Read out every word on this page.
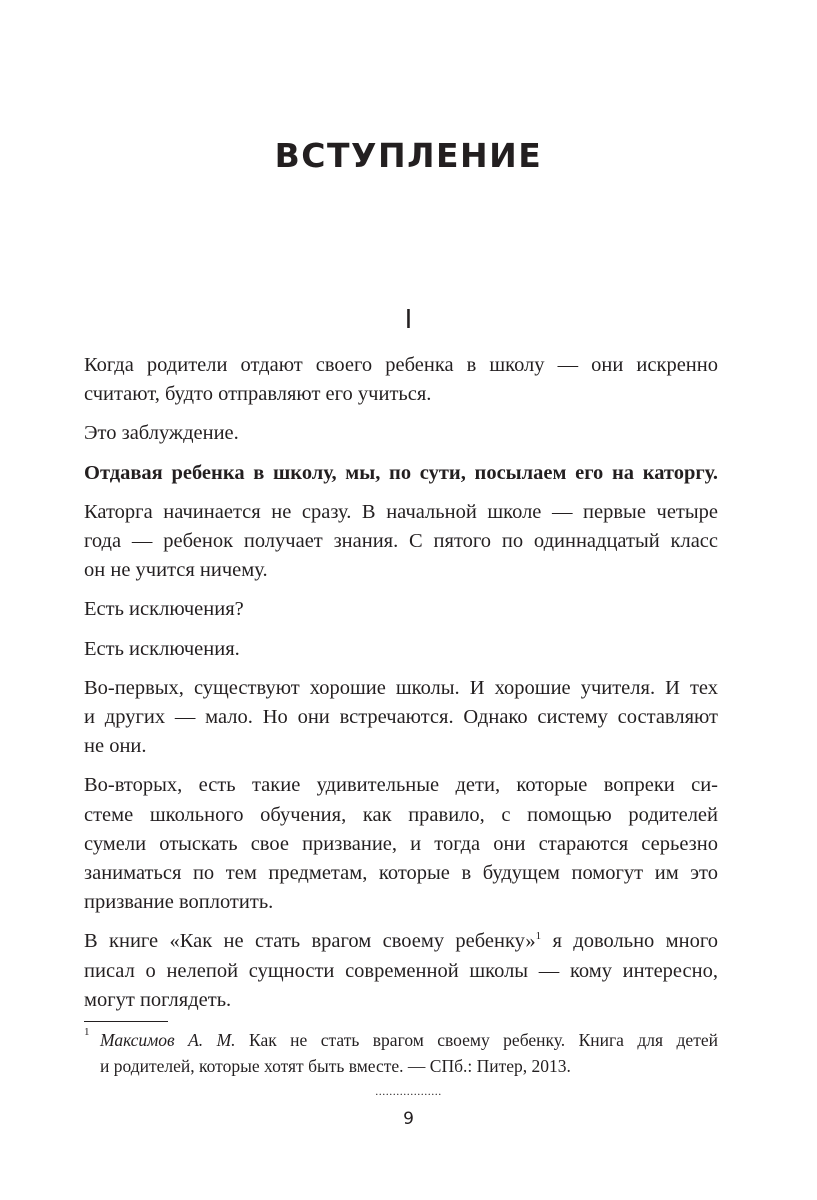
ВСТУПЛЕНИЕ
I

Когда родители отдают своего ребенка в школу — они искренно
считают, будто отправляют его учиться.

Это заблуждение.

Отдавая ребенка в школу, мы, по сути, посылаем его на каторгу.

Каторга начинается не сразу. В начальной школе — первые четыре
года — ребенок получает знания. С пятого по одиннадцатый класс
он не учится ничему.

Есть исключения?

Есть исключения.

Во-первых, существуют хорошие школы. И хорошие учителя. И тех
и других — мало. Но они встречаются. Однако систему составляют
не они.

Во-вторых, есть такие удивительные дети, которые вопреки си-
стеме школьного обучения, как правило, с помощью родителей
сумели отыскать свое призвание, и тогда они стараются серьезно
заниматься по тем предметам, которые в будущем помогут им это
призвание воплотить.

В книге «Как не стать врагом своему ребенку»$^1$ я довольно много
писал о нелепой сущности современной школы — кому интересно,
могут поглядеть.

1 Максимов А. М. Как не стать врагом своему ребенку. Книга для детей
и родителей, которые хотят быть вместе. — СПб.: Питер, 2013.
...................
9
